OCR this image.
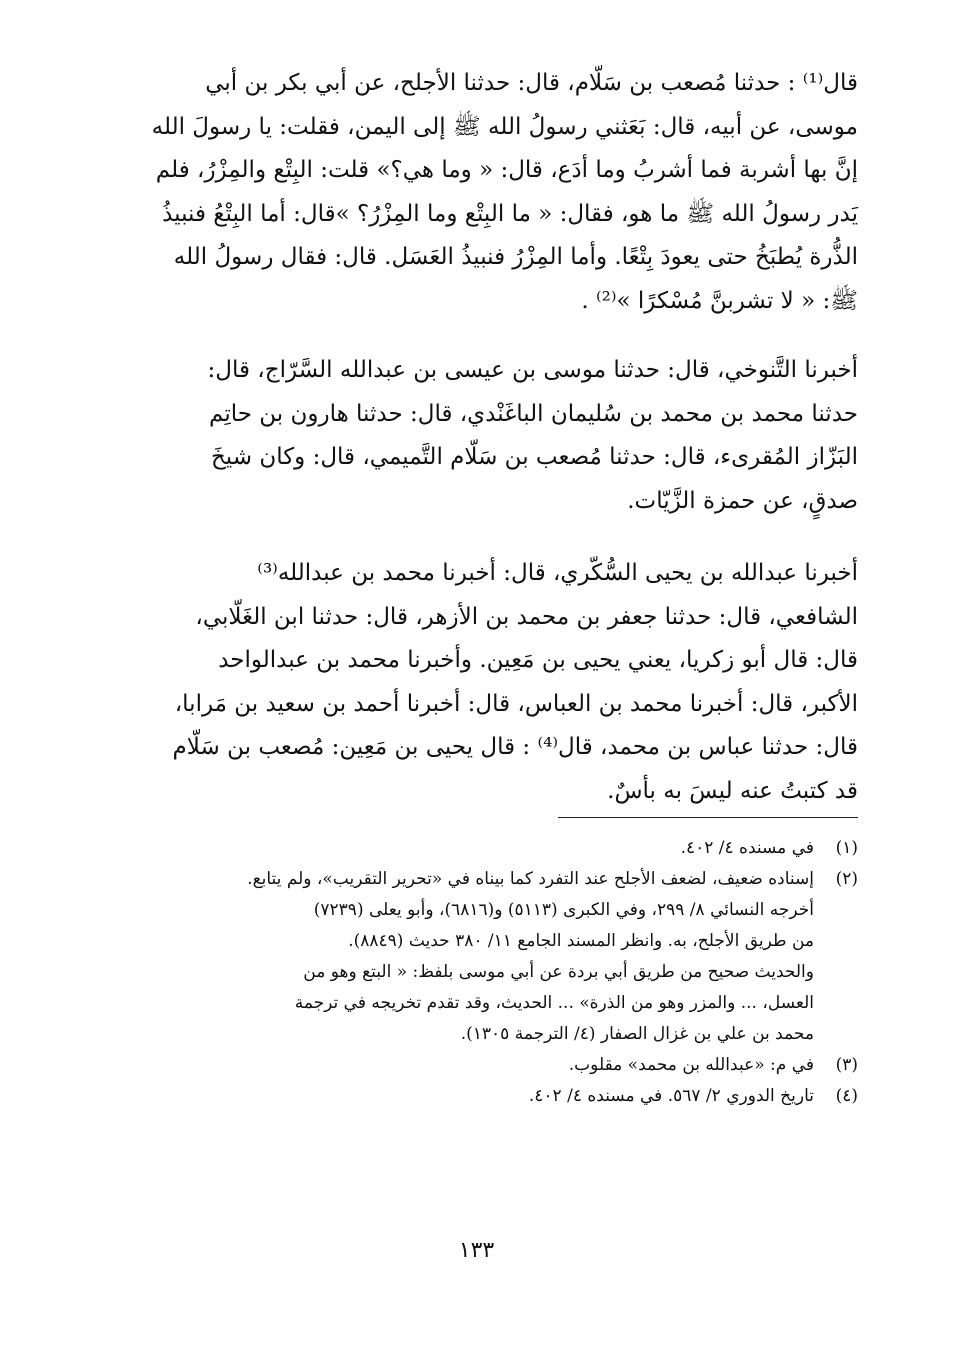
قال⁽¹⁾ : حدثنا مُصعب بن سَلّام، قال: حدثنا الأجلح، عن أبي بكر بن أبي

موسى، عن أبيه، قال: بَعَثني رسولُ الله ﷺ إلى اليمن، فقلت: يا رسولَ الله

إنَّ بها أشربة فما أشربُ وما أدَع، قال: « وما هي؟» قلت: البِتْع والمِزْرُ، فلم

يَدر رسولُ الله ﷺ ما هو، فقال: « ما البِتْع وما المِزْرُ؟ »قال: أما البِتْعُ فنبيذُ

الذُّرة يُطبَخُ حتى يعودَ بِتْعًا. وأما المِزْرُ فنبيذُ العَسَل. قال: فقال رسولُ الله

ﷺ: « لا تشربنَّ مُسْكرًا »⁽²⁾ .

أخبرنا التَّنوخي، قال: حدثنا موسى بن عيسى بن عبدالله السَّرّاج، قال:

حدثنا محمد بن محمد بن سُليمان الباغَنْدي، قال: حدثنا هارون بن حاتِم

البَزّاز المُقرىء، قال: حدثنا مُصعب بن سَلّام التَّميمي، قال: وكان شيخَ

صدقٍ، عن حمزة الزَّيّات.

أخبرنا عبدالله بن يحيى السُّكّري، قال: أخبرنا محمد بن عبدالله⁽³⁾

الشافعي، قال: حدثنا جعفر بن محمد بن الأزهر، قال: حدثنا ابن الغَلّابي،

قال: قال أبو زكريا، يعني يحيى بن مَعِين. وأخبرنا محمد بن عبدالواحد

الأكبر، قال: أخبرنا محمد بن العباس، قال: أخبرنا أحمد بن سعيد بن مَرابا،

قال: حدثنا عباس بن محمد، قال⁽⁴⁾ : قال يحيى بن مَعِين: مُصعب بن سَلّام

قد كتبتُ عنه ليسَ به بأسٌ.

(١)

في مسنده ٤/ ٤٠٢.

(٢)

إسناده ضعيف، لضعف الأجلح عند التفرد كما بيناه في «تحرير التقريب»، ولم يتابع.

أخرجه النسائي ٨/ ٢٩٩، وفي الكبرى (٥١١٣) و(٦٨١٦)، وأبو يعلى (٧٢٣٩)

من طريق الأجلح، به. وانظر المسند الجامع ١١/ ٣٨٠ حديث (٨٨٤٩).

والحديث صحيح من طريق أبي بردة عن أبي موسى بلفظ: « البتع وهو من

العسل، ... والمزر وهو من الذرة» ... الحديث، وقد تقدم تخريجه في ترجمة

محمد بن علي بن غزال الصفار (٤/ الترجمة ١٣٠٥).

(٣)

في م: «عبدالله بن محمد» مقلوب.

(٤)

تاريخ الدوري ٢/ ٥٦٧. في مسنده ٤/ ٤٠٢.

١٣٣
